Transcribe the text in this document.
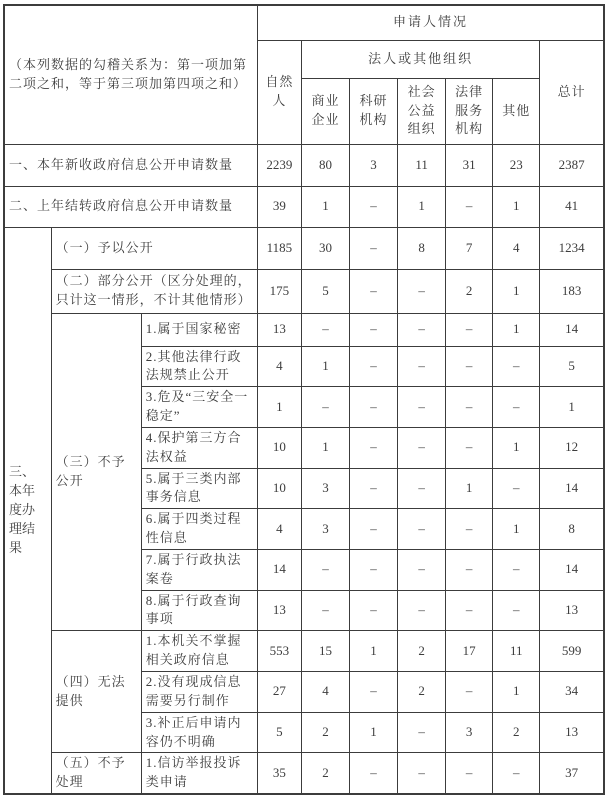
（本列数据的勾稽关系为：第一项加第二项之和，等于第三项加第四项之和）			申请人情况						
			自然人	法人或其他组织					总计
				商业企业	科研机构	社会公益组织	法律服务机构	其他	
一、本年新收政府信息公开申请数量			2239	80	3	11	31	23	2387
二、上年结转政府信息公开申请数量			39	1	–	1	–	1	41
三、本年度办理结果	（一）予以公开		1185	30	–	8	7	4	1234
	（二）部分公开（区分处理的，只计这一情形，不计其他情形）		175	5	–	–	2	1	183
	（三）不予公开	1.属于国家秘密	13	–	–	–	–	1	14
		2.其他法律行政法规禁止公开	4	1	–	–	–	–	5
		3.危及“三安全一稳定”	1	–	–	–	–	–	1
		4.保护第三方合法权益	10	1	–	–	–	1	12
		5.属于三类内部事务信息	10	3	–	–	1	–	14
		6.属于四类过程性信息	4	3	–	–	–	1	8
		7.属于行政执法案卷	14	–	–	–	–	–	14
		8.属于行政查询事项	13	–	–	–	–	–	13
	（四）无法提供	1.本机关不掌握相关政府信息	553	15	1	2	17	11	599
		2.没有现成信息需要另行制作	27	4	–	2	–	1	34
		3.补正后申请内容仍不明确	5	2	1	–	3	2	13
	（五）不予处理	1.信访举报投诉类申请	35	2	–	–	–	–	37
